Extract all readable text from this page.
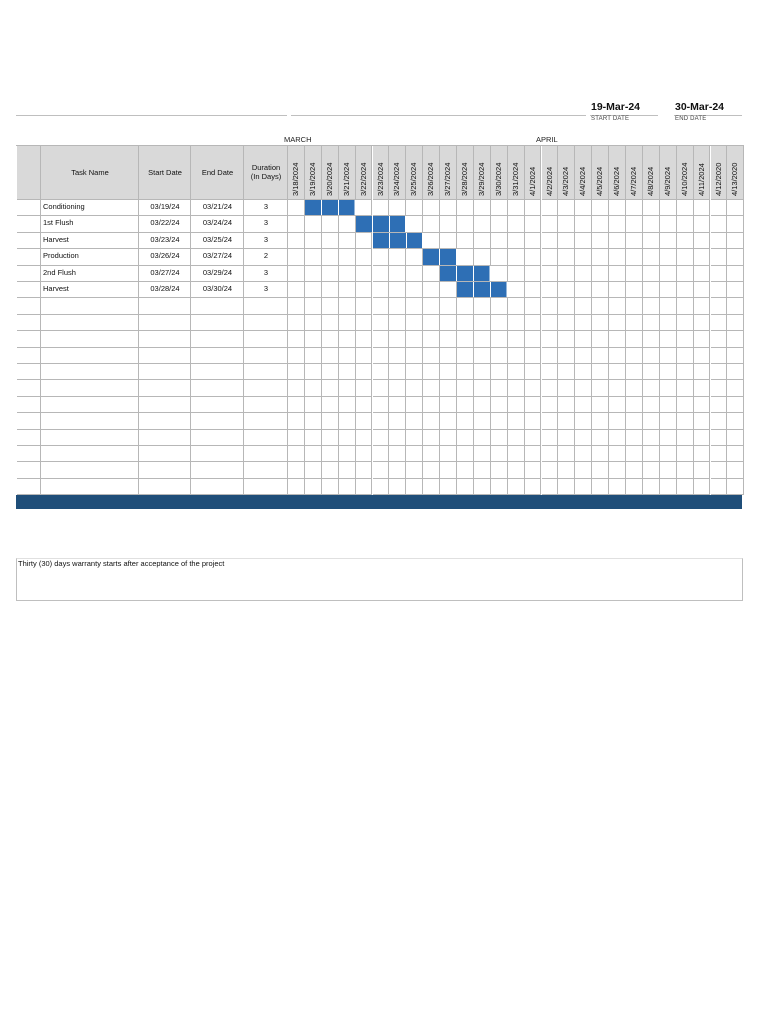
19-Mar-24
START DATE
30-Mar-24
END DATE
MARCH	APRIL
Task Name	Start Date	End Date	Duration (In Days)	3/18/2024 3/19/2024 3/20/2024 3/21/2024 3/22/2024 3/23/2024 3/24/2024 3/25/2024 3/26/2024 3/27/2024 3/28/2024 3/29/2024 3/30/2024 3/31/2024 4/1/2024 4/2/2024 4/3/2024 4/4/2024 4/5/2024 4/6/2024 4/7/2024 4/8/2024 4/9/2024 4/10/2024 4/11/2024 4/12/2020 4/13/2020
Conditioning	03/19/24	03/21/24	3
1st Flush	03/22/24	03/24/24	3
Harvest	03/23/24	03/25/24	3
Production	03/26/24	03/27/24	2
2nd Flush	03/27/24	03/29/24	3
Harvest	03/28/24	03/30/24	3
Thirty (30) days warranty starts after acceptance of the project
